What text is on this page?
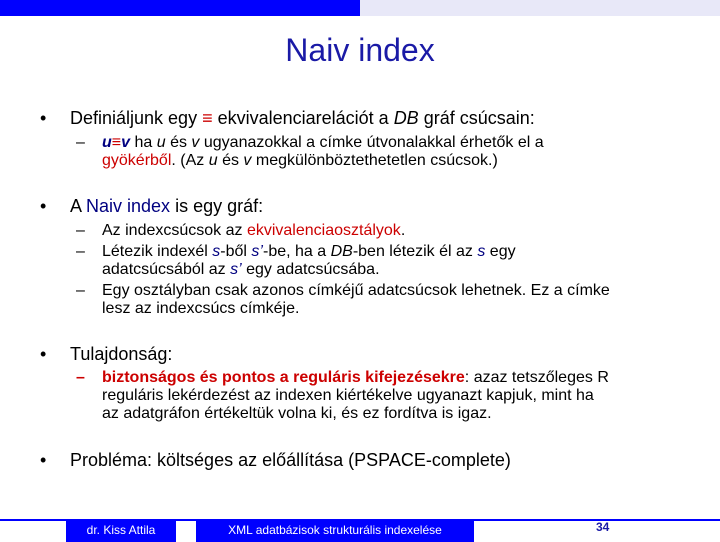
Naiv index
• Definiáljunk egy ≡ ekvivalenciarelációt a DB gráf csúcsain:
– u≡v ha u és v ugyanazokkal a címke útvonalakkal érhetők el a
gyökérből. (Az u és v megkülönböztethetetlen csúcsok.)
• A Naiv index is egy gráf:
– Az indexcsúcsok az ekvivalenciaosztályok.
– Létezik indexél s-ből s’-be, ha a DB-ben létezik él az s egy
adatcsúcsából az s’ egy adatcsúcsába.
– Egy osztályban csak azonos címkéjű adatcsúcsok lehetnek. Ez a címke
lesz az indexcsúcs címkéje.
• Tulajdonság:
– biztonságos és pontos a reguláris kifejezésekre: azaz tetszőleges R
reguláris lekérdezést az indexen kiértékelve ugyanazt kapjuk, mint ha
az adatgráfon értékeltük volna ki, és ez fordítva is igaz.
• Probléma: költséges az előállítása (PSPACE-complete)
dr. Kiss Attila	XML adatbázisok strukturális indexelése	34
